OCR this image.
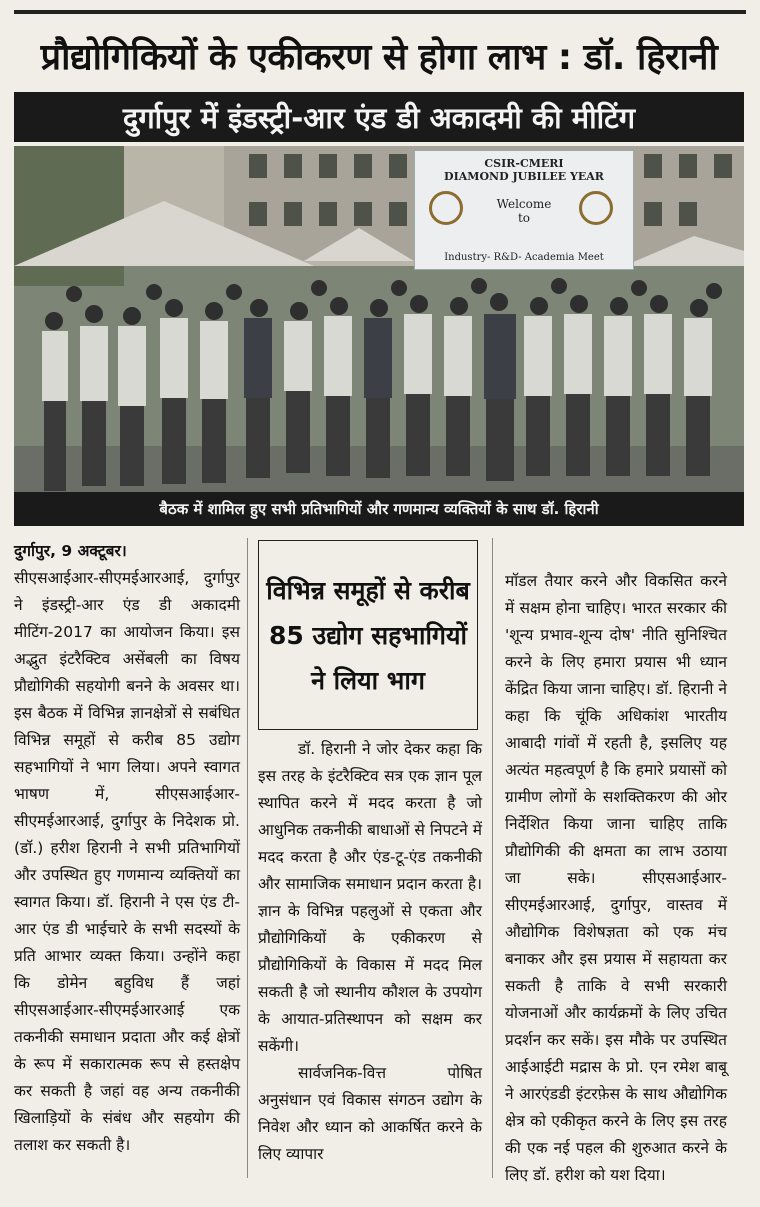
प्रौद्योगिकियों के एकीकरण से होगा लाभ : डॉ. हिरानी
दुर्गापुर में इंडस्ट्री-आर एंड डी अकादमी की मीटिंग
CSIR-CMERI
DIAMOND JUBILEE YEAR
Welcome
to
Industry- R&D- Academia Meet
बैठक में शामिल हुए सभी प्रतिभागियों और गणमान्य व्यक्तियों के साथ डॉ. हिरानी

दुर्गापुर, 9 अक्टूबर।

सीएसआईआर-सीएमईआरआई, दुर्गापुर ने इंडस्ट्री-आर एंड डी अकादमी मीटिंग-2017 का आयोजन किया। इस अद्भुत इंटरैक्टिव असेंबली का विषय प्रौद्योगिकी सहयोगी बनने के अवसर था। इस बैठक में विभिन्न ज्ञानक्षेत्रों से सबंधित विभिन्न समूहों से करीब 85 उद्योग सहभागियों ने भाग लिया। अपने स्वागत भाषण में, सीएसआईआर-सीएमईआरआई, दुर्गापुर के निदेशक प्रो. (डॉ.) हरीश हिरानी ने सभी प्रतिभागियों और उपस्थित हुए गणमान्य व्यक्तियों का स्वागत किया। डॉ. हिरानी ने एस एंड टी-आर एंड डी भाईचारे के सभी सदस्यों के प्रति आभार व्यक्त किया। उन्होंने कहा कि डोमेन बहुविध हैं जहां सीएसआईआर-सीएमईआरआई एक तकनीकी समाधान प्रदाता और कई क्षेत्रों के रूप में सकारात्मक रूप से हस्तक्षेप कर सकती है जहां वह अन्य तकनीकी खिलाड़ियों के संबंध और सहयोग की तलाश कर सकती है।

विभिन्न समूहों से करीब 85 उद्योग सहभागियों ने लिया भाग

डॉ. हिरानी ने जोर देकर कहा कि इस तरह के इंटरैक्टिव सत्र एक ज्ञान पूल स्थापित करने में मदद करता है जो आधुनिक तकनीकी बाधाओं से निपटने में मदद करता है और एंड-टू-एंड तकनीकी और सामाजिक समाधान प्रदान करता है। ज्ञान के विभिन्न पहलुओं से एकता और प्रौद्योगिकियों के एकीकरण से प्रौद्योगिकियों के विकास में मदद मिल सकती है जो स्थानीय कौशल के उपयोग के आयात-प्रतिस्थापन को सक्षम कर सकेंगी।

सार्वजनिक-वित्त पोषित अनुसंधान एवं विकास संगठन उद्योग के निवेश और ध्यान को आकर्षित करने के लिए व्यापार

मॉडल तैयार करने और विकसित करने में सक्षम होना चाहिए। भारत सरकार की 'शून्य प्रभाव-शून्य दोष' नीति सुनिश्चित करने के लिए हमारा प्रयास भी ध्यान केंद्रित किया जाना चाहिए। डॉ. हिरानी ने कहा कि चूंकि अधिकांश भारतीय आबादी गांवों में रहती है, इसलिए यह अत्यंत महत्वपूर्ण है कि हमारे प्रयासों को ग्रामीण लोगों के सशक्तिकरण की ओर निर्देशित किया जाना चाहिए ताकि प्रौद्योगिकी की क्षमता का लाभ उठाया जा सके। सीएसआईआर-सीएमईआरआई, दुर्गापुर, वास्तव में औद्योगिक विशेषज्ञता को एक मंच बनाकर और इस प्रयास में सहायता कर सकती है ताकि वे सभी सरकारी योजनाओं और कार्यक्रमों के लिए उचित प्रदर्शन कर सकें। इस मौके पर उपस्थित आईआईटी मद्रास के प्रो. एन रमेश बाबू ने आरएंडडी इंटरफ़ेस के साथ औद्योगिक क्षेत्र को एकीकृत करने के लिए इस तरह की एक नई पहल की शुरुआत करने के लिए डॉ. हरीश को यश दिया।
